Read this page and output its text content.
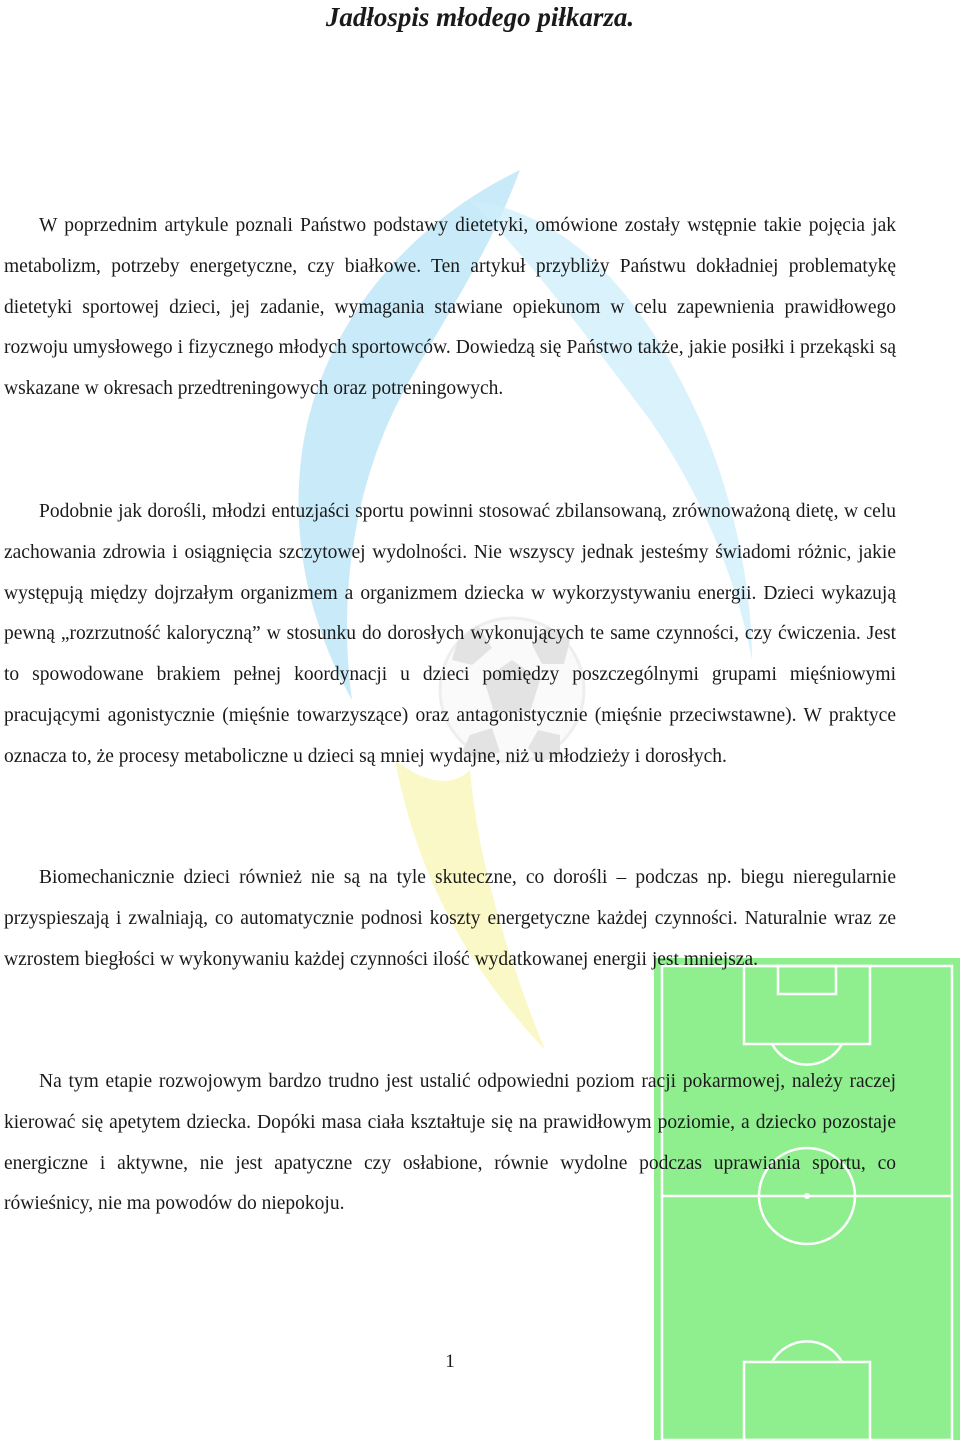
Jadłospis młodego piłkarza.

W poprzednim artykule poznali Państwo podstawy dietetyki, omówione zostały wstępnie takie pojęcia jak metabolizm, potrzeby energetyczne, czy białkowe. Ten artykuł przybliży Państwu dokładniej problematykę dietetyki sportowej dzieci, jej zadanie, wymagania stawiane opiekunom w celu zapewnienia prawidłowego rozwoju umysłowego i fizycznego młodych sportowców. Dowiedzą się Państwo także, jakie posiłki i przekąski są wskazane w okresach przedtreningowych oraz potreningowych.

Podobnie jak dorośli, młodzi entuzjaści sportu powinni stosować zbilansowaną, zrównoważoną dietę, w celu zachowania zdrowia i osiągnięcia szczytowej wydolności. Nie wszyscy jednak jesteśmy świadomi różnic, jakie występują między dojrzałym organizmem a organizmem dziecka w wykorzystywaniu energii. Dzieci wykazują pewną „rozrzutność kaloryczną” w stosunku do dorosłych wykonujących te same czynności, czy ćwiczenia. Jest to spowodowane brakiem pełnej koordynacji u dzieci pomiędzy poszczególnymi grupami mięśniowymi pracującymi agonistycznie (mięśnie towarzyszące) oraz antagonistycznie (mięśnie przeciwstawne). W praktyce oznacza to, że procesy metaboliczne u dzieci są mniej wydajne, niż u młodzieży i dorosłych.

Biomechanicznie dzieci również nie są na tyle skuteczne, co dorośli – podczas np. biegu nieregularnie przyspieszają i zwalniają, co automatycznie podnosi koszty energetyczne każdej czynności. Naturalnie wraz ze wzrostem biegłości w wykonywaniu każdej czynności ilość wydatkowanej energii jest mniejsza.

Na tym etapie rozwojowym bardzo trudno jest ustalić odpowiedni poziom racji pokarmowej, należy raczej kierować się apetytem dziecka. Dopóki masa ciała kształtuje się na prawidłowym poziomie, a dziecko pozostaje energiczne i aktywne, nie jest apatyczne czy osłabione, równie wydolne podczas uprawiania sportu, co rówieśnicy, nie ma powodów do niepokoju.

1
